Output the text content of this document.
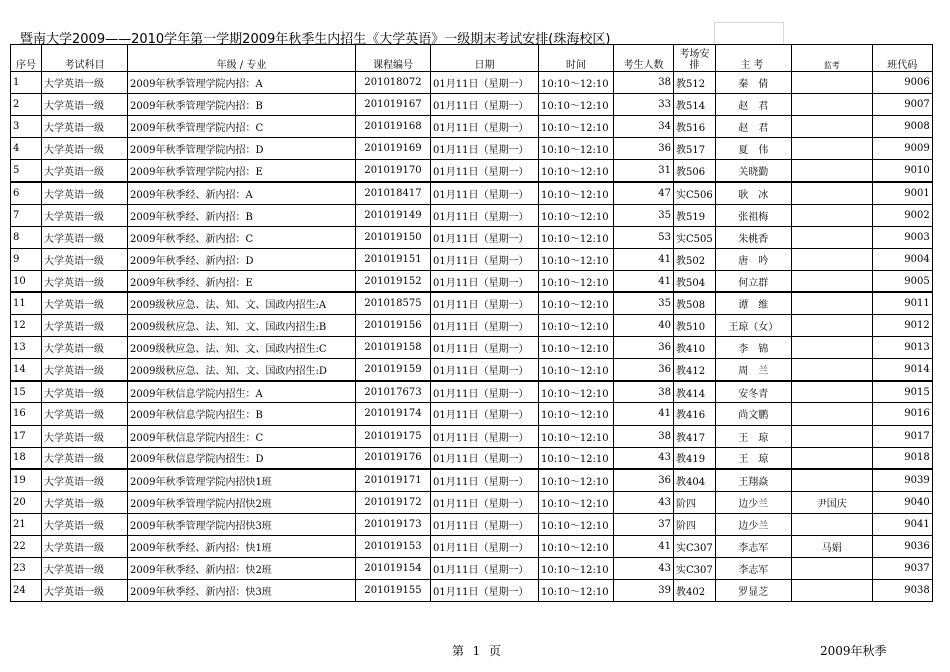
暨南大学2009——2010学年第一学期2009年秋季生内招生《大学英语》一级期末考试安排(珠海校区)
序号	考试科目	年级 / 专业	课程编号	日期	时间	考生人数	考场安排	主考	监考	班代码
1	大学英语一级	2009年秋季管理学院内招：A	201018072	01月11日（星期一）	10:10～12:10	38	教512	秦　倩		9006
2	大学英语一级	2009年秋季管理学院内招：B	201019167	01月11日（星期一）	10:10～12:10	33	教514	赵　君		9007
3	大学英语一级	2009年秋季管理学院内招：C	201019168	01月11日（星期一）	10:10～12:10	34	教516	赵　君		9008
4	大学英语一级	2009年秋季管理学院内招：D	201019169	01月11日（星期一）	10:10～12:10	36	教517	夏　伟		9009
5	大学英语一级	2009年秋季管理学院内招：E	201019170	01月11日（星期一）	10:10～12:10	31	教506	关晓勤		9010
6	大学英语一级	2009年秋季经、新内招：A	201018417	01月11日（星期一）	10:10～12:10	47	实C506	耿　冰		9001
7	大学英语一级	2009年秋季经、新内招：B	201019149	01月11日（星期一）	10:10～12:10	35	教519	张祖梅		9002
8	大学英语一级	2009年秋季经、新内招：C	201019150	01月11日（星期一）	10:10～12:10	53	实C505	朱桃香		9003
9	大学英语一级	2009年秋季经、新内招：D	201019151	01月11日（星期一）	10:10～12:10	41	教502	唐　吟		9004
10	大学英语一级	2009年秋季经、新内招：E	201019152	01月11日（星期一）	10:10～12:10	41	教504	何立群		9005
11	大学英语一级	2009级秋应急、法、知、文、国政内招生:A	201018575	01月11日（星期一）	10:10～12:10	35	教508	谭　维		9011
12	大学英语一级	2009级秋应急、法、知、文、国政内招生:B	201019156	01月11日（星期一）	10:10～12:10	40	教510	王琼（女）		9012
13	大学英语一级	2009级秋应急、法、知、文、国政内招生:C	201019158	01月11日（星期一）	10:10～12:10	36	教410	李　锦		9013
14	大学英语一级	2009级秋应急、法、知、文、国政内招生:D	201019159	01月11日（星期一）	10:10～12:10	36	教412	周　兰		9014
15	大学英语一级	2009年秋信息学院内招生：A	201017673	01月11日（星期一）	10:10～12:10	38	教414	安冬青		9015
16	大学英语一级	2009年秋信息学院内招生：B	201019174	01月11日（星期一）	10:10～12:10	41	教416	尚文鹏		9016
17	大学英语一级	2009年秋信息学院内招生：C	201019175	01月11日（星期一）	10:10～12:10	38	教417	王　琼		9017
18	大学英语一级	2009年秋信息学院内招生：D	201019176	01月11日（星期一）	10:10～12:10	43	教419	王　琼		9018
19	大学英语一级	2009年秋季管理学院内招快1班	201019171	01月11日（星期一）	10:10～12:10	36	教404	王翔焱		9039
20	大学英语一级	2009年秋季管理学院内招快2班	201019172	01月11日（星期一）	10:10～12:10	43	阶四	边少兰	尹国庆	9040
21	大学英语一级	2009年秋季管理学院内招快3班	201019173	01月11日（星期一）	10:10～12:10	37	阶四	边少兰		9041
22	大学英语一级	2009年秋季经、新内招：快1班	201019153	01月11日（星期一）	10:10～12:10	41	实C307	李志军	马娟	9036
23	大学英语一级	2009年秋季经、新内招：快2班	201019154	01月11日（星期一）	10:10～12:10	43	实C307	李志军		9037
24	大学英语一级	2009年秋季经、新内招：快3班	201019155	01月11日（星期一）	10:10～12:10	39	教402	罗显芝		9038
第 1 页	2009年秋季
